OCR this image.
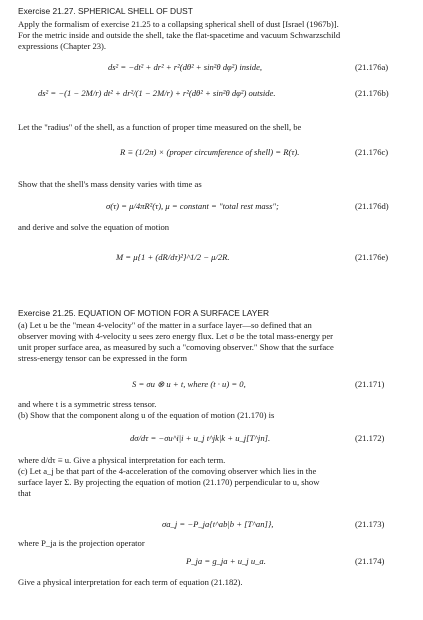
Exercise 21.27. SPHERICAL SHELL OF DUST
Apply the formalism of exercise 21.25 to a collapsing spherical shell of dust [Israel (1967b)].
For the metric inside and outside the shell, take the flat-spacetime and vacuum Schwarzschild
expressions (Chapter 23).
ds² = −dt² + dr² + r²(dθ² + sin²θ dφ²) inside,	(21.176a)
ds² = −(1 − 2M/r) dt² + dr²/(1 − 2M/r) + r²(dθ² + sin²θ dφ²) outside.	(21.176b)
Let the "radius" of the shell, as a function of proper time measured on the shell, be
R ≡ (1/2π) × (proper circumference of shell) = R(τ).	(21.176c)
Show that the shell's mass density varies with time as
σ(τ) = μ/4πR²(τ), μ = constant = "total rest mass";	(21.176d)
and derive and solve the equation of motion
M = μ{1 + (dR/dτ)²}^1/2 − μ/2R.	(21.176e)
Exercise 21.25. EQUATION OF MOTION FOR A SURFACE LAYER
(a) Let u be the "mean 4-velocity" of the matter in a surface layer—so defined that an
observer moving with 4-velocity u sees zero energy flux. Let σ be the total mass-energy per
unit proper surface area, as measured by such a "comoving observer." Show that the surface
stress-energy tensor can be expressed in the form
S = σu ⊗ u + t, where (t · u) = 0,	(21.171)
and where t is a symmetric stress tensor.
(b) Show that the component along u of the equation of motion (21.170) is
dσ/dτ = −σu^i|i + u_j t^jk|k + u_j[T^jn].	(21.172)
where d/dτ ≡ u. Give a physical interpretation for each term.
(c) Let a_j be that part of the 4-acceleration of the comoving observer which lies in the
surface layer Σ. By projecting the equation of motion (21.170) perpendicular to u, show
that
σa_j = −P_ja{t^ab|b + [T^an]},	(21.173)
where P_ja is the projection operator
P_ja = g_ja + u_j u_a.	(21.174)
Give a physical interpretation for each term of equation (21.182).
